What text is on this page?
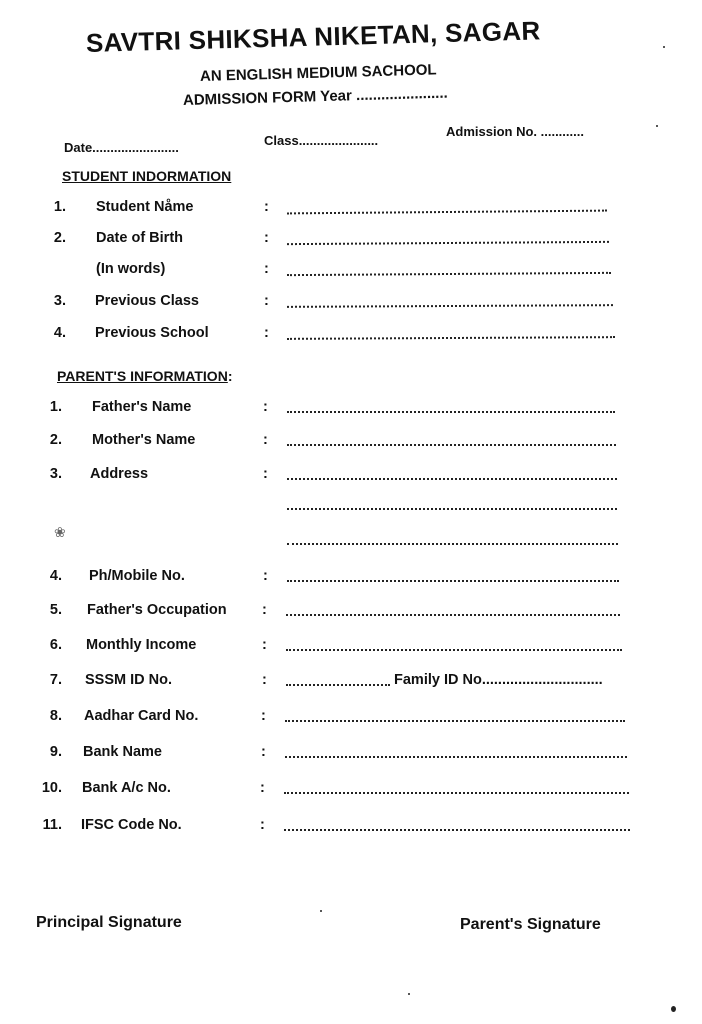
SAVTRI SHIKSHA NIKETAN, SAGAR
AN ENGLISH MEDIUM SACHOOL
ADMISSION FORM Year ......................
Date........................	Class......................
Admission No. ............
STUDENT INDORMATION
1. Student Nåme	:
2. Date of Birth	:
(In words)	:
3. Previous Class	:
4. Previous School	:
PARENT'S INFORMATION:
1. Father's Name	:
2. Mother's Name	:
3. Address	:
❀
4. Ph/Mobile No.	:
5. Father's Occupation :
6. Monthly Income	:
7. SSSM ID No.	:	Family ID No..............................
8. Aadhar Card No.	:
9. Bank Name	:
10. Bank A/c No.	:
11. IFSC Code No.	:
Principal Signature	Parent's Signature
